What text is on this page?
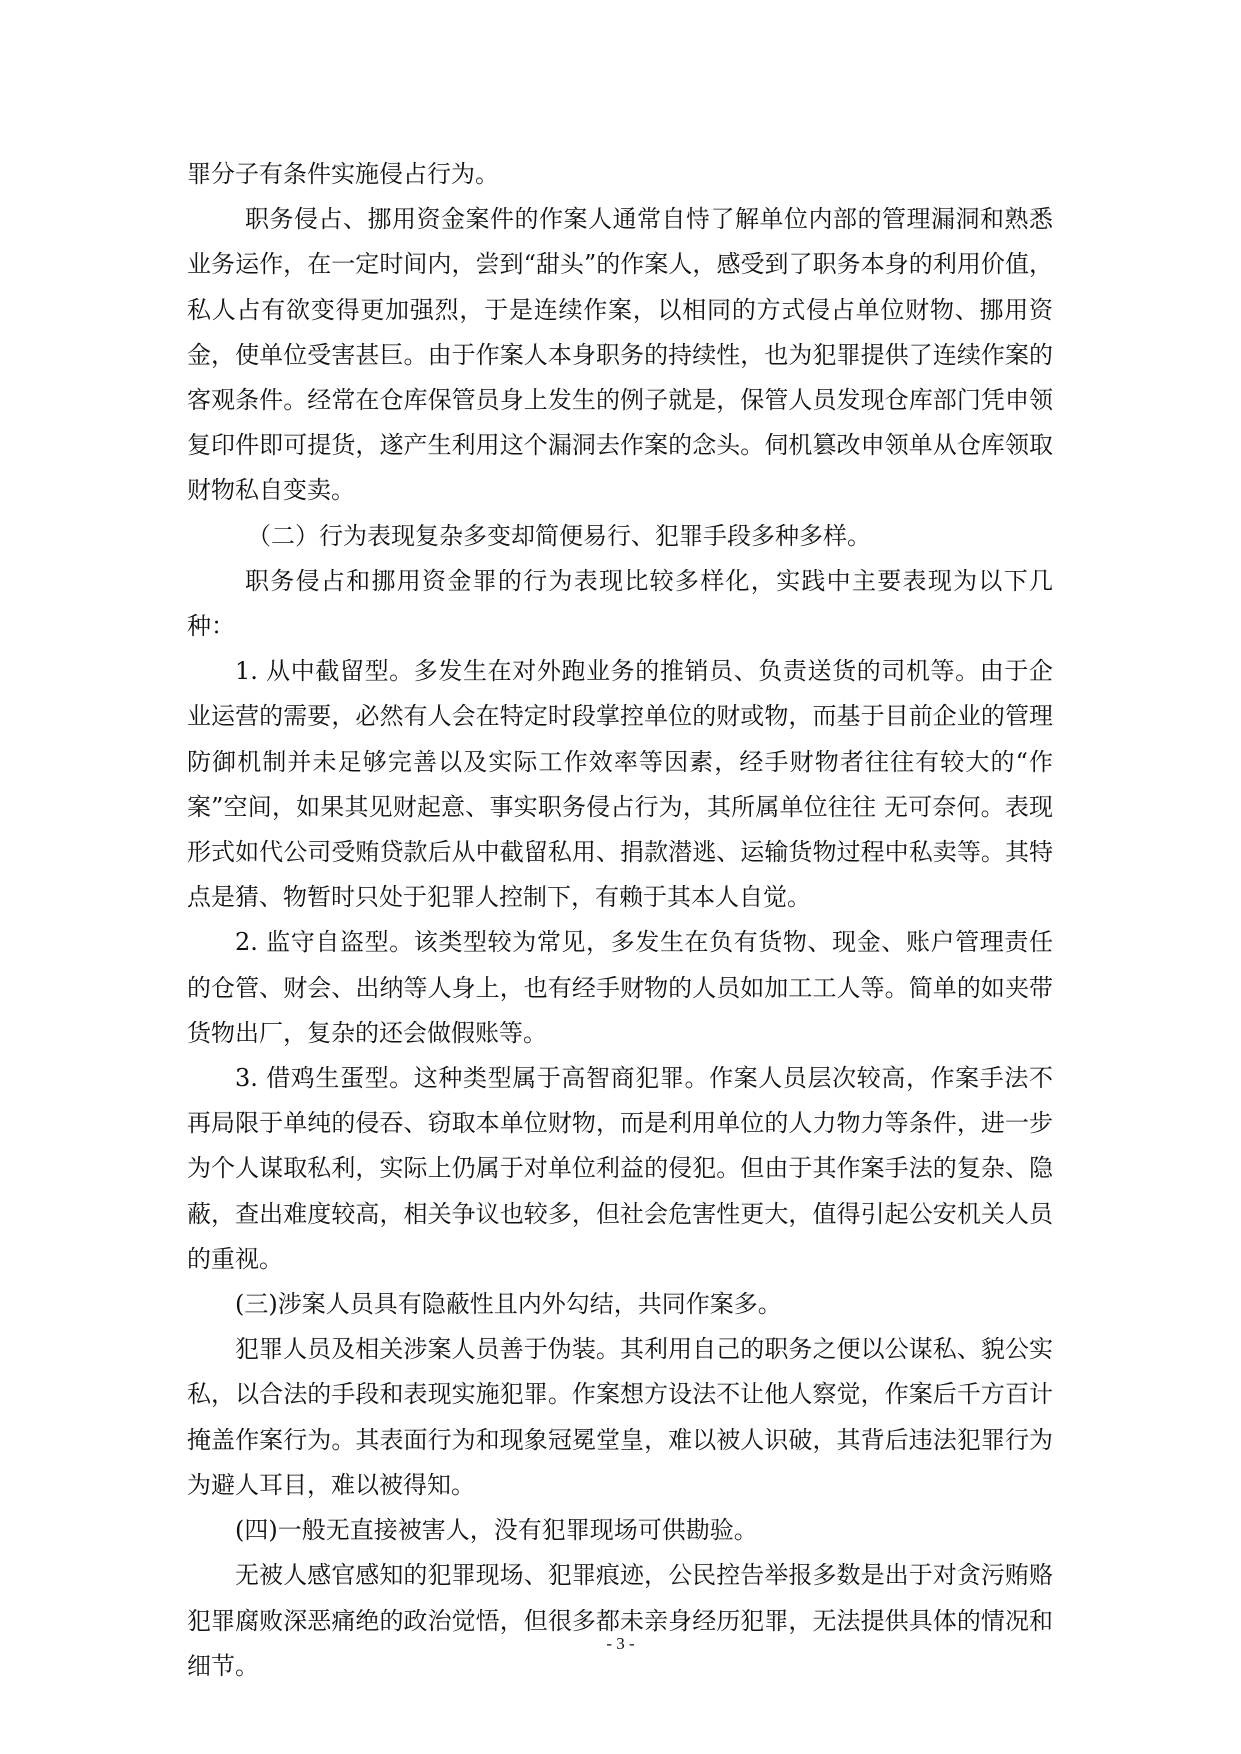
罪分子有条件实施侵占行为。

职务侵占、挪用资金案件的作案人通常自恃了解单位内部的管理漏洞和熟悉业务运作，在一定时间内，尝到“甜头”的作案人，感受到了职务本身的利用价值，私人占有欲变得更加强烈，于是连续作案，以相同的方式侵占单位财物、挪用资金，使单位受害甚巨。由于作案人本身职务的持续性，也为犯罪提供了连续作案的客观条件。经常在仓库保管员身上发生的例子就是，保管人员发现仓库部门凭申领复印件即可提货，遂产生利用这个漏洞去作案的念头。伺机篡改申领单从仓库领取财物私自变卖。

（二）行为表现复杂多变却简便易行、犯罪手段多种多样。

职务侵占和挪用资金罪的行为表现比较多样化，实践中主要表现为以下几种：

1. 从中截留型。多发生在对外跑业务的推销员、负责送货的司机等。由于企业运营的需要，必然有人会在特定时段掌控单位的财或物，而基于目前企业的管理防御机制并未足够完善以及实际工作效率等因素，经手财物者往往有较大的“作案”空间，如果其见财起意、事实职务侵占行为，其所属单位往往 无可奈何。表现形式如代公司受贿贷款后从中截留私用、捐款潜逃、运输货物过程中私卖等。其特点是猜、物暂时只处于犯罪人控制下，有赖于其本人自觉。

2. 监守自盗型。该类型较为常见，多发生在负有货物、现金、账户管理责任的仓管、财会、出纳等人身上，也有经手财物的人员如加工工人等。简单的如夹带货物出厂，复杂的还会做假账等。

3. 借鸡生蛋型。这种类型属于高智商犯罪。作案人员层次较高，作案手法不再局限于单纯的侵吞、窃取本单位财物，而是利用单位的人力物力等条件，进一步为个人谋取私利，实际上仍属于对单位利益的侵犯。但由于其作案手法的复杂、隐蔽，查出难度较高，相关争议也较多，但社会危害性更大，值得引起公安机关人员的重视。

(三)涉案人员具有隐蔽性且内外勾结，共同作案多。

犯罪人员及相关涉案人员善于伪装。其利用自己的职务之便以公谋私、貌公实私，以合法的手段和表现实施犯罪。作案想方设法不让他人察觉，作案后千方百计掩盖作案行为。其表面行为和现象冠冕堂皇，难以被人识破，其背后违法犯罪行为为避人耳目，难以被得知。

(四)一般无直接被害人，没有犯罪现场可供勘验。

无被人感官感知的犯罪现场、犯罪痕迹，公民控告举报多数是出于对贪污贿赂犯罪腐败深恶痛绝的政治觉悟，但很多都未亲身经历犯罪，无法提供具体的情况和细节。

- 3 -
